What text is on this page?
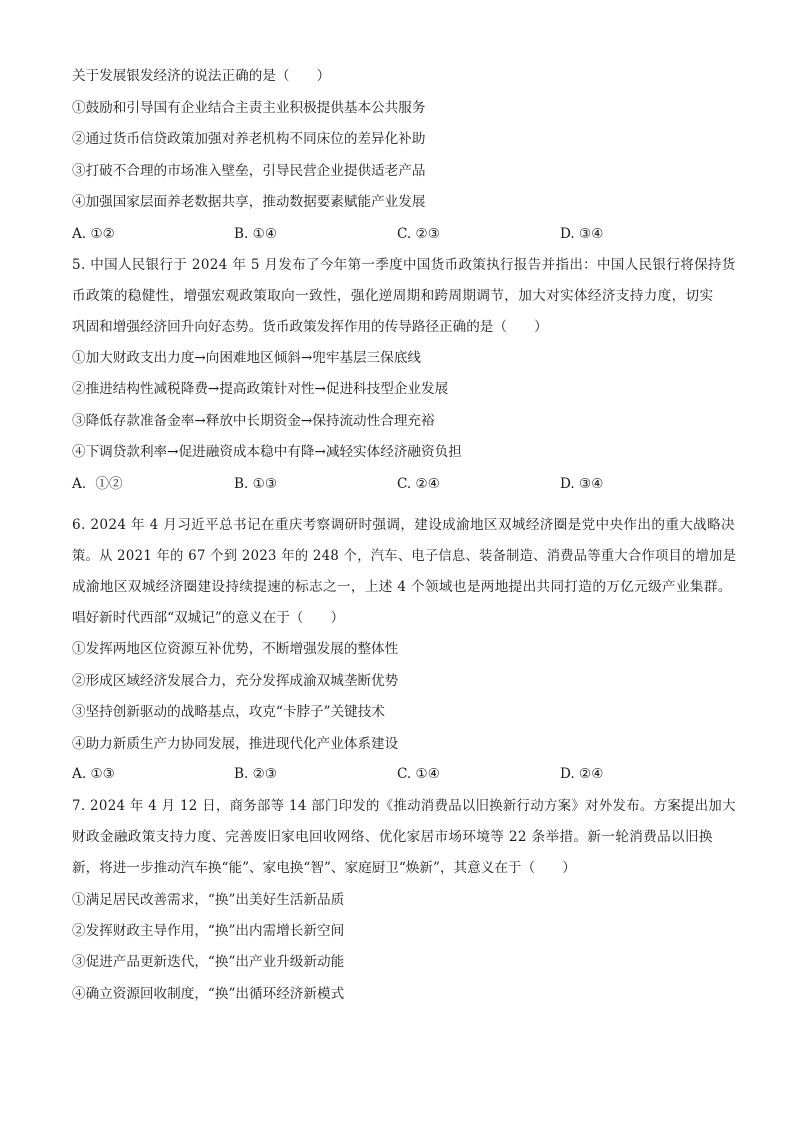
关于发展银发经济的说法正确的是（　　）
①鼓励和引导国有企业结合主责主业积极提供基本公共服务
②通过货币信贷政策加强对养老机构不同床位的差异化补助
③打破不合理的市场准入壁垒，引导民营企业提供适老产品
④加强国家层面养老数据共享，推动数据要素赋能产业发展
A. ①②	B. ①④	C. ②③	D. ③④
5. 中国人民银行于 2024 年 5 月发布了今年第一季度中国货币政策执行报告并指出：中国人民银行将保持货
币政策的稳健性，增强宏观政策取向一致性，强化逆周期和跨周期调节，加大对实体经济支持力度，切实
巩固和增强经济回升向好态势。货币政策发挥作用的传导路径正确的是（　　）
①加大财政支出力度→向困难地区倾斜→兜牢基层三保底线
②推进结构性减税降费→提高政策针对性→促进科技型企业发展
③降低存款准备金率→释放中长期资金→保持流动性合理充裕
④下调贷款利率→促进融资成本稳中有降→减轻实体经济融资负担
A．①②	B. ①③	C. ②④	D. ③④
6. 2024 年 4 月习近平总书记在重庆考察调研时强调，建设成渝地区双城经济圈是党中央作出的重大战略决
策。从 2021 年的 67 个到 2023 年的 248 个，汽车、电子信息、装备制造、消费品等重大合作项目的增加是
成渝地区双城经济圈建设持续提速的标志之一，上述 4 个领域也是两地提出共同打造的万亿元级产业集群。
唱好新时代西部“双城记”的意义在于（　　）
①发挥两地区位资源互补优势，不断增强发展的整体性
②形成区域经济发展合力，充分发挥成渝双城垄断优势
③坚持创新驱动的战略基点，攻克“卡脖子”关键技术
④助力新质生产力协同发展，推进现代化产业体系建设
A. ①③	B. ②③	C. ①④	D. ②④
7. 2024 年 4 月 12 日，商务部等 14 部门印发的《推动消费品以旧换新行动方案》对外发布。方案提出加大
财政金融政策支持力度、完善废旧家电回收网络、优化家居市场环境等 22 条举措。新一轮消费品以旧换
新，将进一步推动汽车换“能”、家电换“智”、家庭厨卫“焕新”，其意义在于（　　）
①满足居民改善需求，“换”出美好生活新品质
②发挥财政主导作用，“换”出内需增长新空间
③促进产品更新迭代，“换”出产业升级新动能
④确立资源回收制度，“换”出循环经济新模式
